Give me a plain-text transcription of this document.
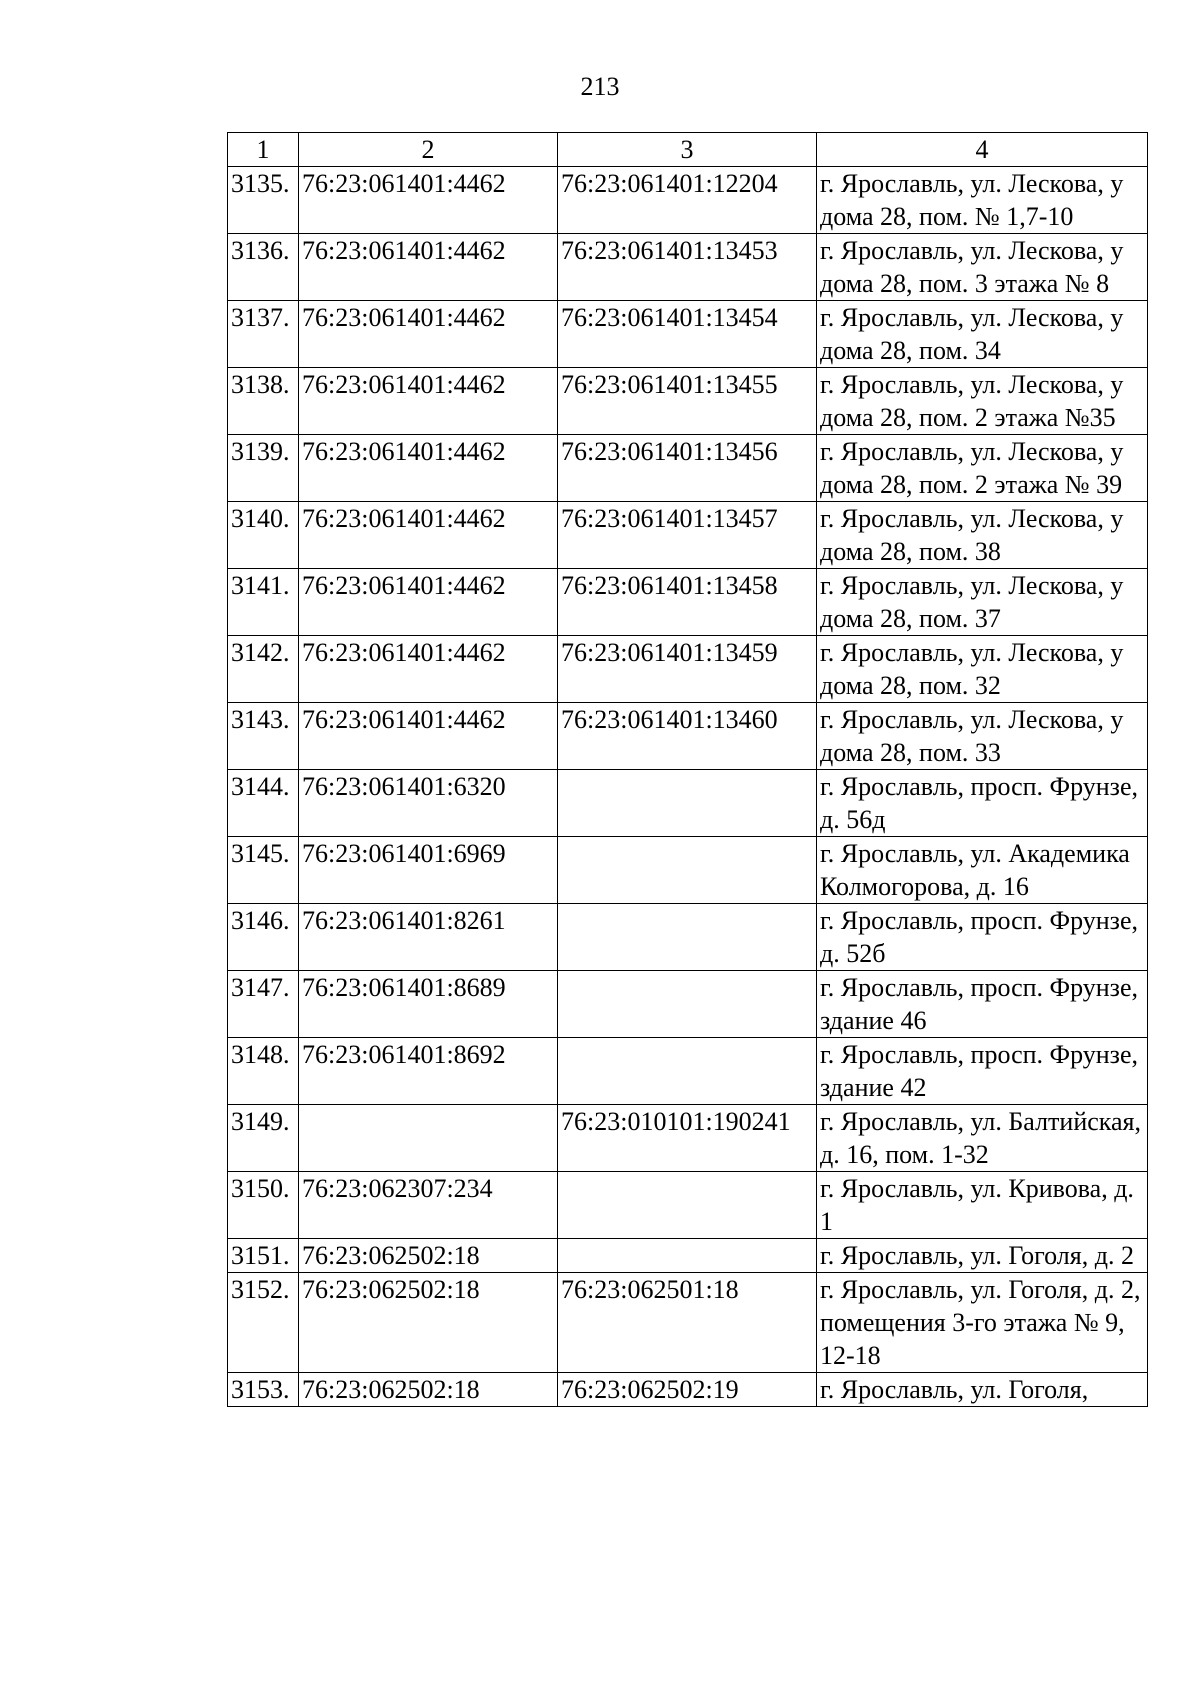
213
1	2	3	4
3135.	76:23:061401:4462	76:23:061401:12204	г. Ярославль, ул. Лескова, у дома 28, пом. № 1,7-10
3136.	76:23:061401:4462	76:23:061401:13453	г. Ярославль, ул. Лескова, у дома 28, пом. 3 этажа № 8
3137.	76:23:061401:4462	76:23:061401:13454	г. Ярославль, ул. Лескова, у дома 28, пом. 34
3138.	76:23:061401:4462	76:23:061401:13455	г. Ярославль, ул. Лескова, у дома 28, пом. 2 этажа №35
3139.	76:23:061401:4462	76:23:061401:13456	г. Ярославль, ул. Лескова, у дома 28, пом. 2 этажа № 39
3140.	76:23:061401:4462	76:23:061401:13457	г. Ярославль, ул. Лескова, у дома 28, пом. 38
3141.	76:23:061401:4462	76:23:061401:13458	г. Ярославль, ул. Лескова, у дома 28, пом. 37
3142.	76:23:061401:4462	76:23:061401:13459	г. Ярославль, ул. Лескова, у дома 28, пом. 32
3143.	76:23:061401:4462	76:23:061401:13460	г. Ярославль, ул. Лескова, у дома 28, пом. 33
3144.	76:23:061401:6320		г. Ярославль, просп. Фрунзе, д. 56д
3145.	76:23:061401:6969		г. Ярославль, ул. Академика Колмогорова, д. 16
3146.	76:23:061401:8261		г. Ярославль, просп. Фрунзе, д. 52б
3147.	76:23:061401:8689		г. Ярославль, просп. Фрунзе, здание 46
3148.	76:23:061401:8692		г. Ярославль, просп. Фрунзе, здание 42
3149.		76:23:010101:190241	г. Ярославль, ул. Балтийская, д. 16, пом. 1-32
3150.	76:23:062307:234		г. Ярославль, ул. Кривова, д. 1
3151.	76:23:062502:18		г. Ярославль, ул. Гоголя, д. 2
3152.	76:23:062502:18	76:23:062501:18	г. Ярославль, ул. Гоголя, д. 2, помещения 3-го этажа № 9, 12-18
3153.	76:23:062502:18	76:23:062502:19	г. Ярославль, ул. Гоголя,
